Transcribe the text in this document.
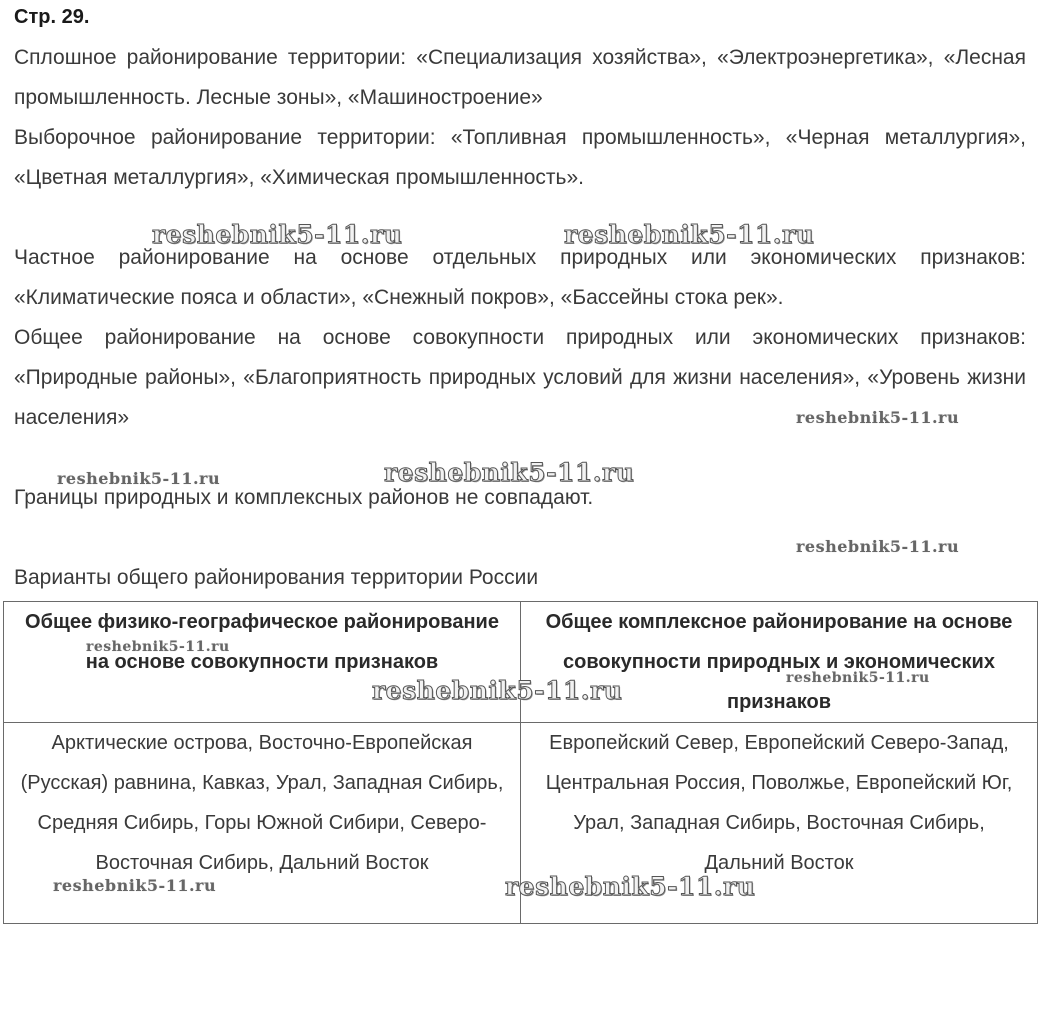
Стр. 29.

Сплошное районирование территории: «Специализация хозяйства», «Электроэнергетика», «Лесная промышленность. Лесные зоны», «Машиностроение»

Выборочное районирование территории: «Топливная промышленность», «Черная металлургия», «Цветная металлургия», «Химическая промышленность».

Частное районирование на основе отдельных природных или экономических признаков: «Климатические пояса и области», «Снежный покров», «Бассейны стока рек».

Общее районирование на основе совокупности природных или экономических признаков: «Природные районы», «Благоприятность природных условий для жизни населения», «Уровень жизни населения»

Границы природных и комплексных районов не совпадают.

Варианты общего районирования территории России

Общее физико-географическое районирование на основе совокупности признаков	Общее комплексное районирование на основе совокупности природных и экономических признаков
Арктические острова, Восточно-Европейская (Русская) равнина, Кавказ, Урал, Западная Сибирь, Средняя Сибирь, Горы Южной Сибири, Северо-Восточная Сибирь, Дальний Восток	Европейский Север, Европейский Северо-Запад, Центральная Россия, Поволжье, Европейский Юг, Урал, Западная Сибирь, Восточная Сибирь, Дальний Восток
reshebnik5-11.ru	reshebnik5-11.ru
reshebnik5-11.ru
reshebnik5-11.ru	reshebnik5-11.ru
reshebnik5-11.ru
reshebnik5-11.ru
reshebnik5-11.ru
reshebnik5-11.ru
reshebnik5-11.ru	reshebnik5-11.ru
